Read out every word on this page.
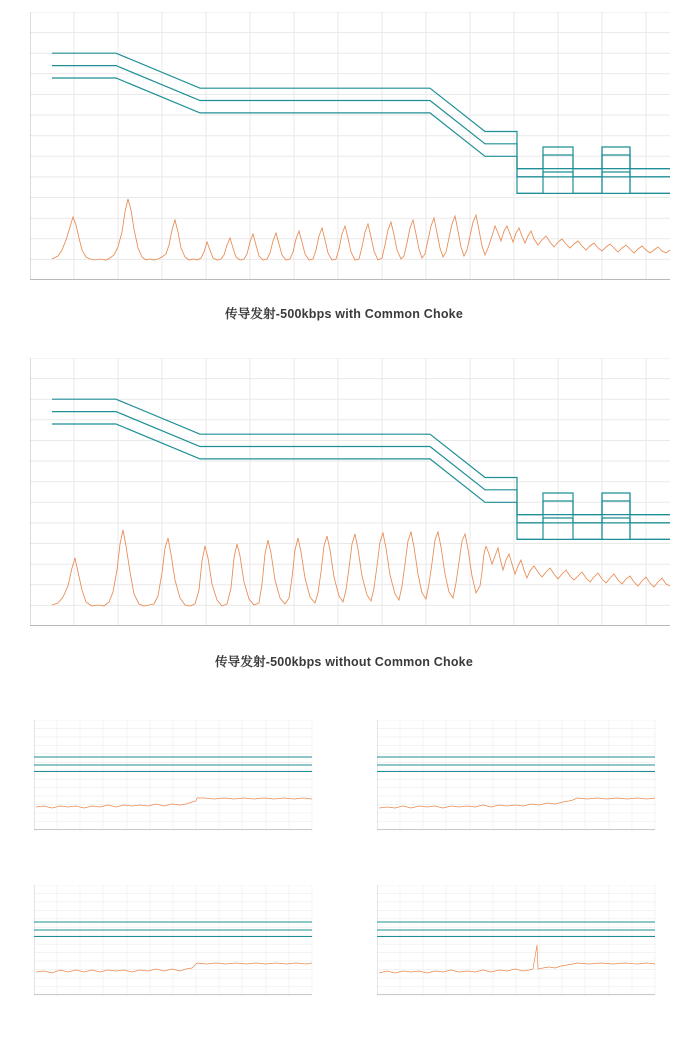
传导发射-500kbps with Common Choke
传导发射-500kbps without Common Choke
